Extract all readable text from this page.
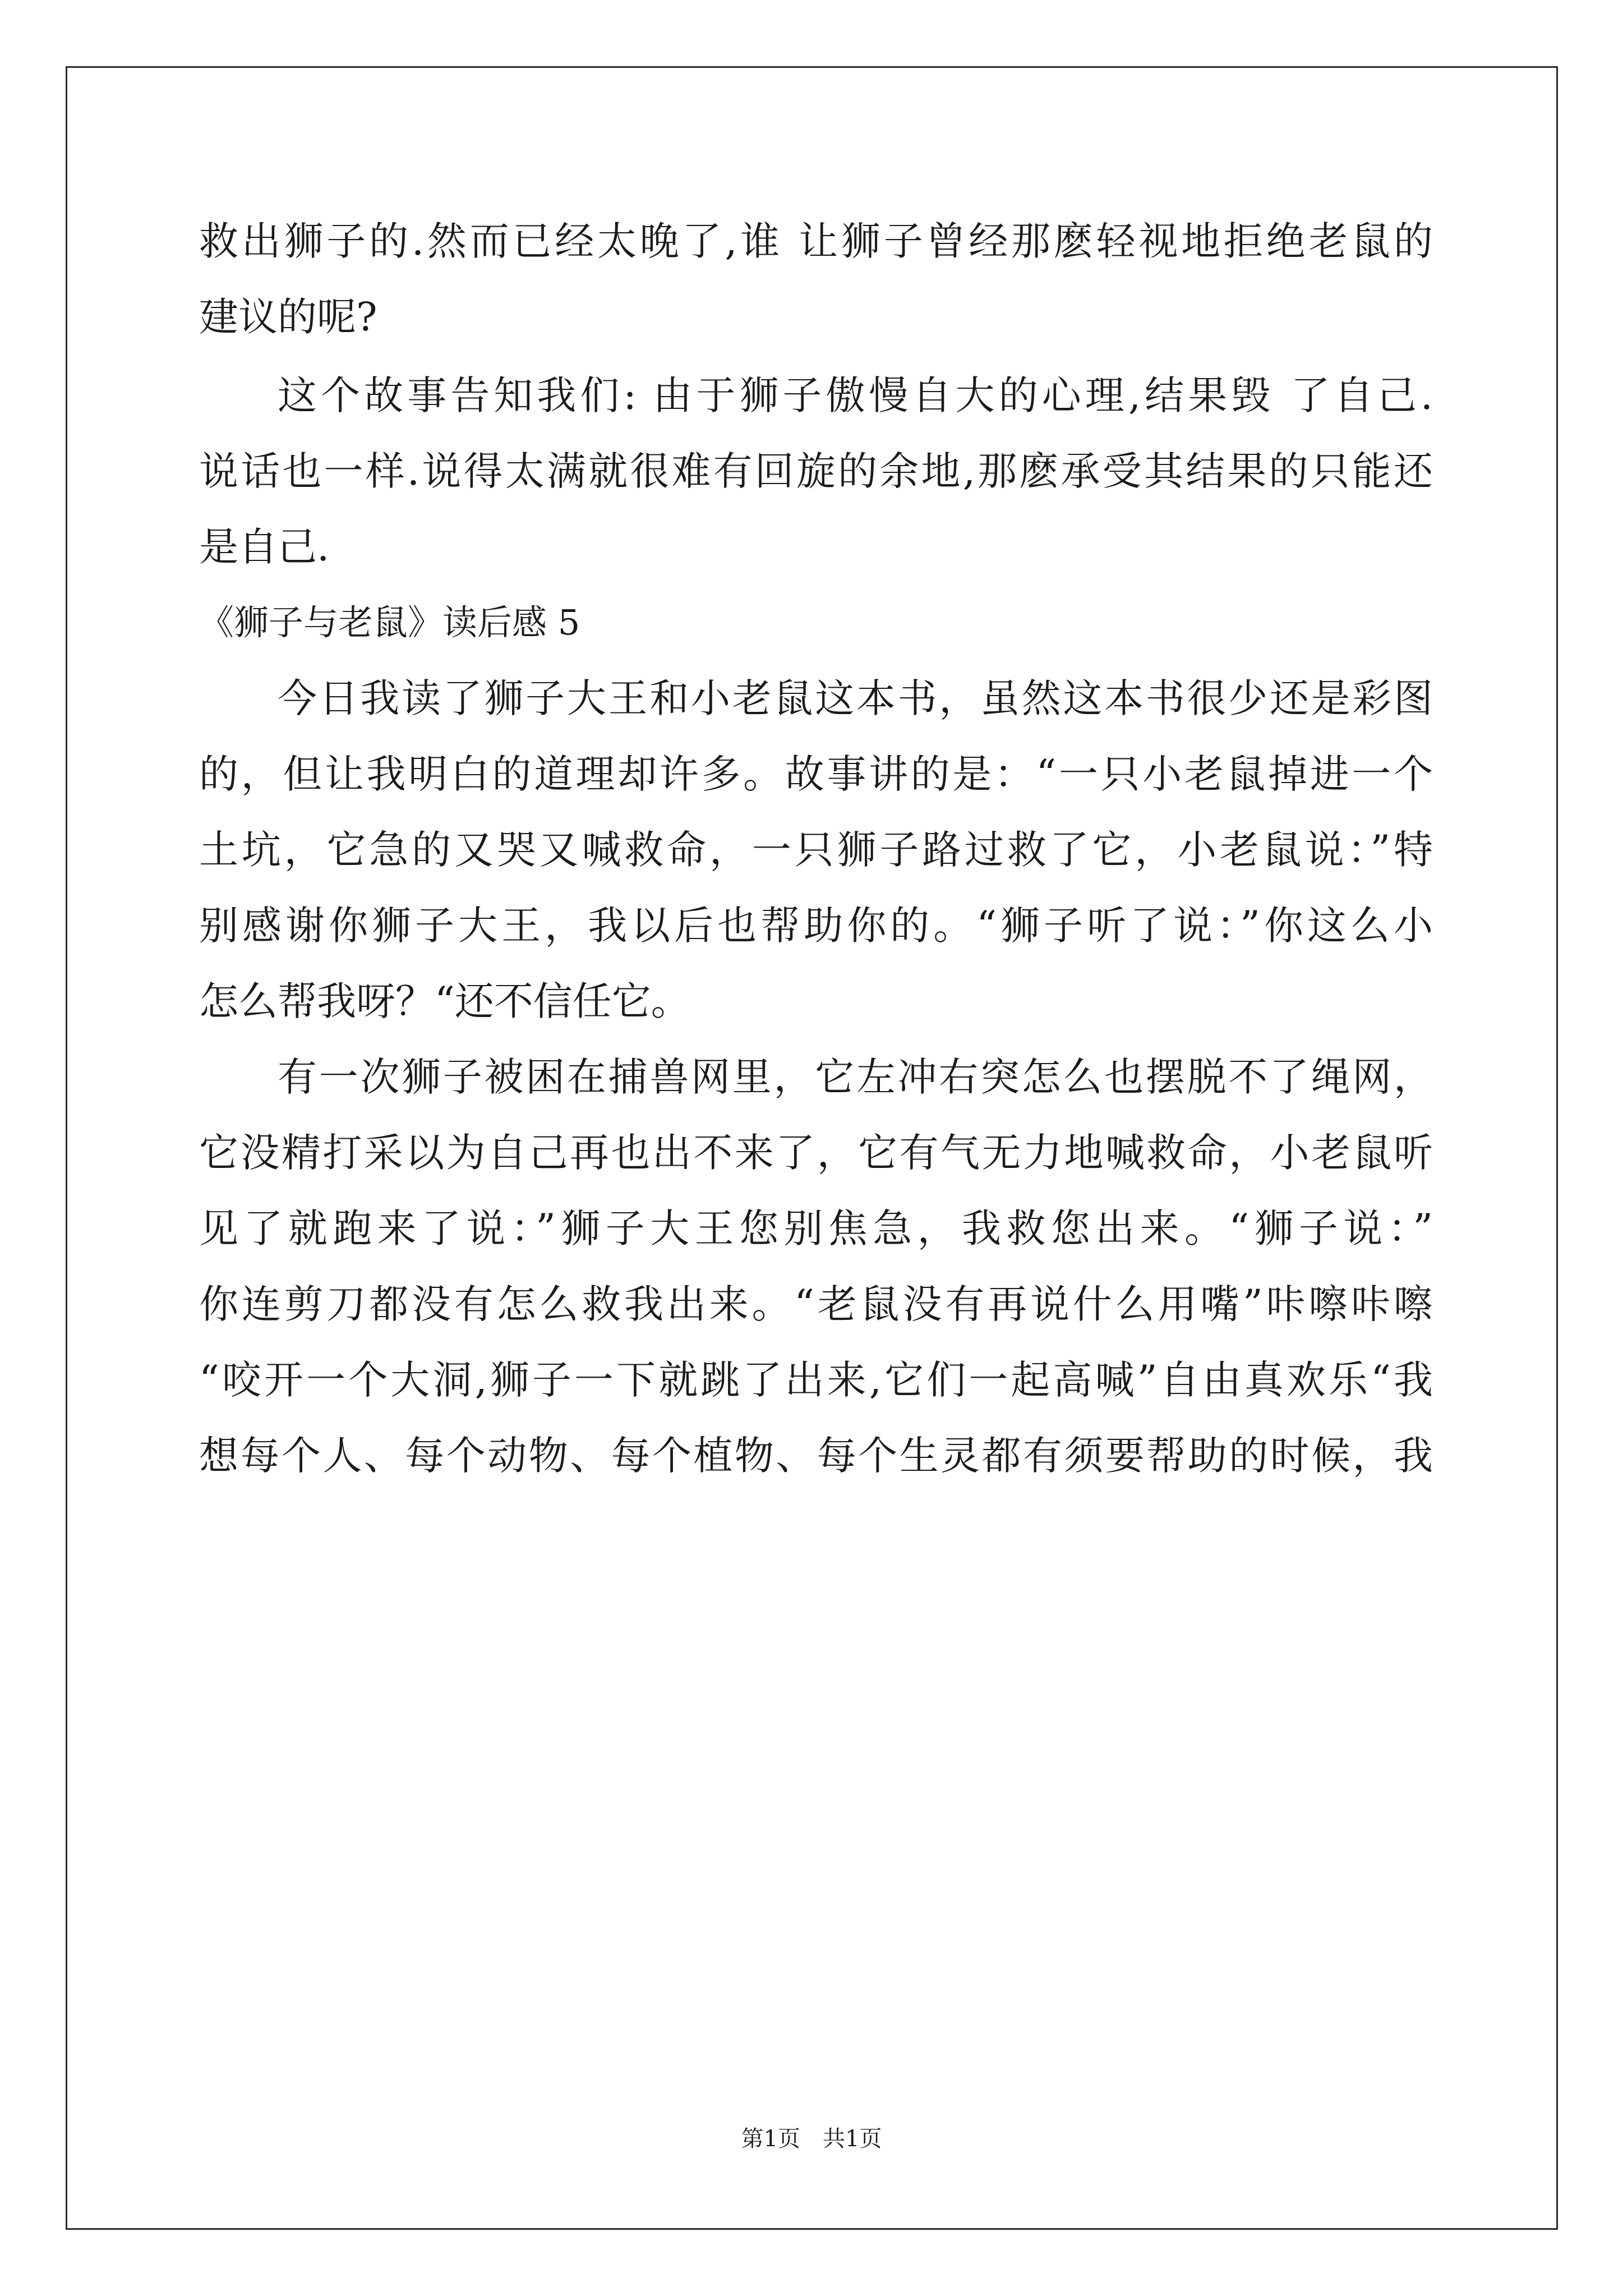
救出狮子的.然而已经太晚了,谁 让狮子曾经那麽轻视地拒绝老鼠的
建议的呢?
这个故事告知我们: 由于狮子傲慢自大的心理,结果毁 了自己.
说话也一样.说得太满就很难有回旋的余地,那麽承受其结果的只能还
是自己.
《狮子与老鼠》读后感 5
今日我读了狮子大王和小老鼠这本书，虽然这本书很少还是彩图
的，但让我明白的道理却许多。故事讲的是：“一只小老鼠掉进一个
土坑，它急的又哭又喊救命，一只狮子路过救了它，小老鼠说：”特
别感谢你狮子大王，我以后也帮助你的。“狮子听了说：”你这么小
怎么帮我呀？“还不信任它。
有一次狮子被困在捕兽网里，它左冲右突怎么也摆脱不了绳网，
它没精打采以为自己再也出不来了，它有气无力地喊救命，小老鼠听
见了就跑来了说：”狮子大王您别焦急，我救您出来。“狮子说：”
你连剪刀都没有怎么救我出来。“老鼠没有再说什么用嘴”咔嚓咔嚓
“咬开一个大洞,狮子一下就跳了出来,它们一起高喊”自由真欢乐“我
想每个人、每个动物、每个植物、每个生灵都有须要帮助的时候，我
第1页　共1页
